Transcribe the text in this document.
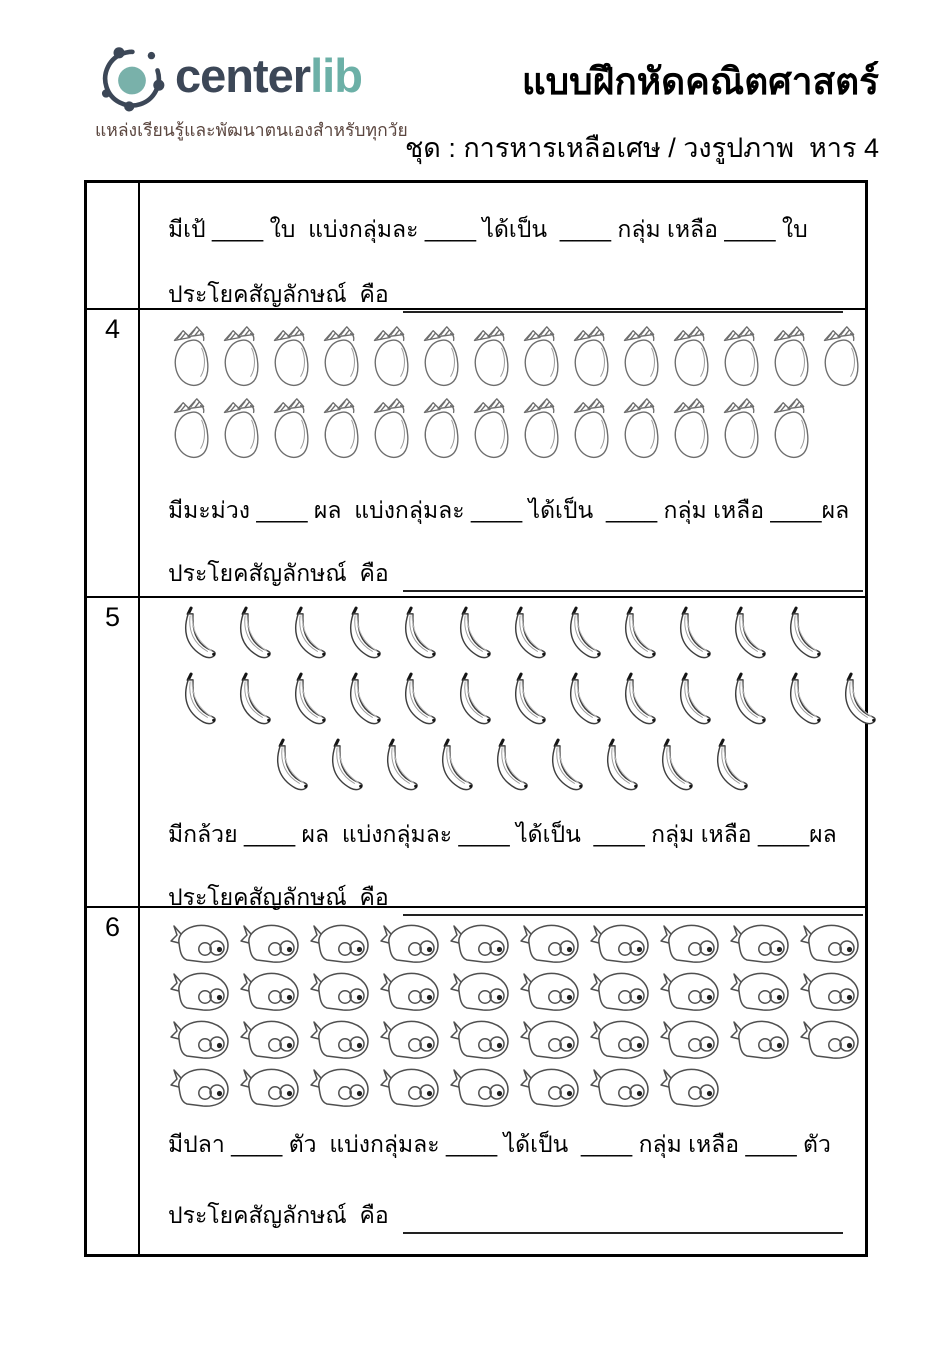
centerlib
แหล่งเรียนรู้และพัฒนาตนเองสำหรับทุกวัย
แบบฝึกหัดคณิตศาสตร์
ชุด : การหารเหลือเศษ / วงรูปภาพ  หาร 4
มีเป้ ____ ใบ  แบ่งกลุ่มละ ____ ได้เป็น  ____ กลุ่ม เหลือ ____ ใบ
ประโยคสัญลักษณ์  คือ
4
มีมะม่วง ____ ผล  แบ่งกลุ่มละ ____ ได้เป็น  ____ กลุ่ม เหลือ ____ผล
ประโยคสัญลักษณ์  คือ
5
มีกล้วย ____ ผล  แบ่งกลุ่มละ ____ ได้เป็น  ____ กลุ่ม เหลือ ____ผล
ประโยคสัญลักษณ์  คือ
6
มีปลา ____ ตัว  แบ่งกลุ่มละ ____ ได้เป็น  ____ กลุ่ม เหลือ ____ ตัว
ประโยคสัญลักษณ์  คือ
